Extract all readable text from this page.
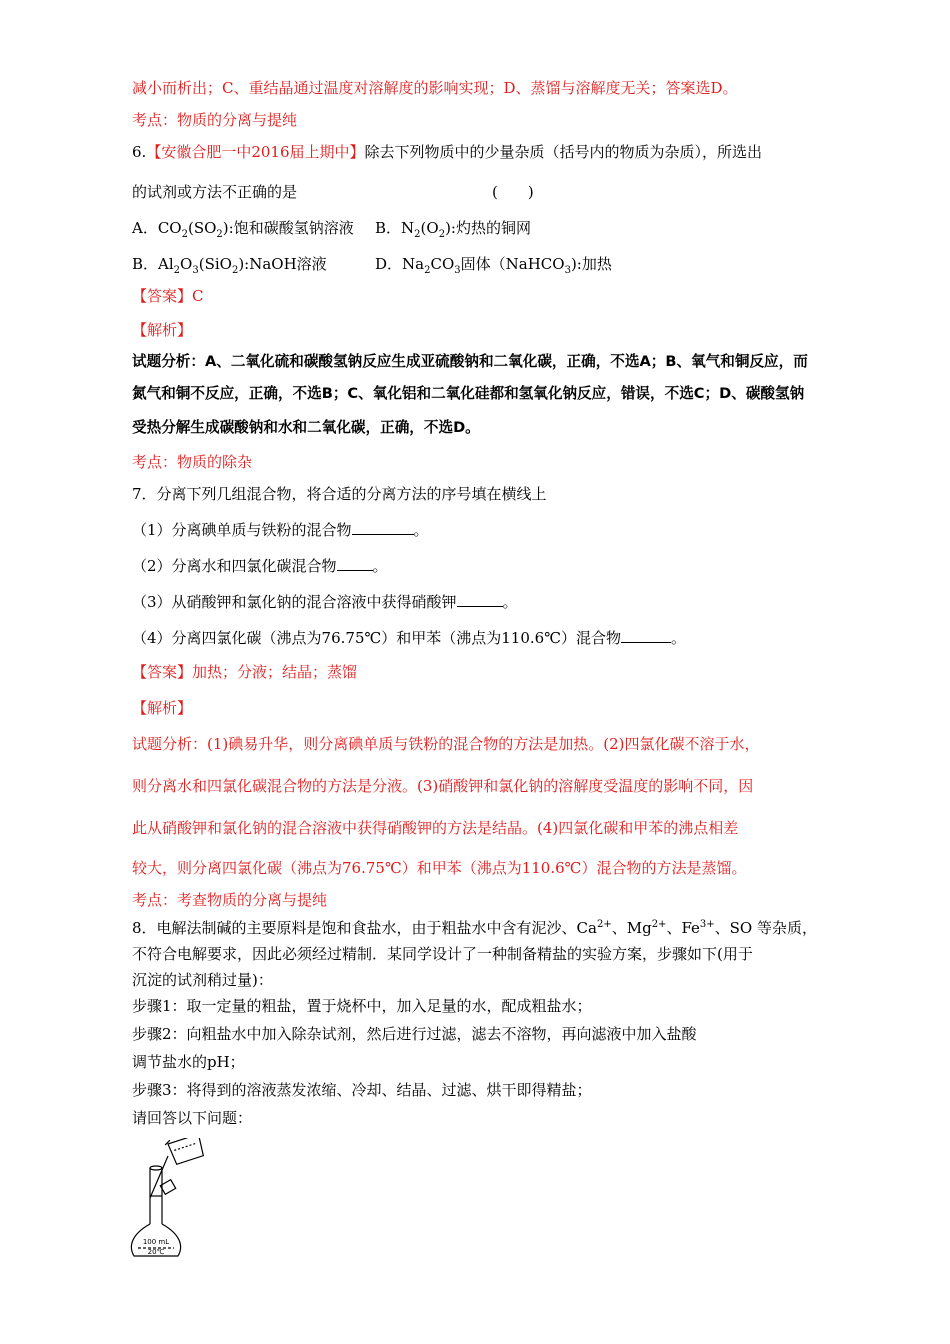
减小而析出；C、重结晶通过温度对溶解度的影响实现；D、蒸馏与溶解度无关；答案选D。
考点：物质的分离与提纯
6.【安徽合肥一中2016届上期中】除去下列物质中的少量杂质（括号内的物质为杂质），所选出
的试剂或方法不正确的是	(　　)
A．$CO_2(SO_2)$:饱和碳酸氢钠溶液 B．$N_2(O_2)$:灼热的铜网
B．$Al_2O_3(SiO_2):NaOH$溶液	D．$Na_2CO_3$固体（NaHCO$_3$):加热
【答案】C
【解析】
试题分析：A、二氧化硫和碳酸氢钠反应生成亚硫酸钠和二氧化碳，正确，不选A；B、氧气和铜反应，而
氮气和铜不反应，正确，不选B；C、氧化铝和二氧化硅都和氢氧化钠反应，错误，不选C；D、碳酸氢钠
受热分解生成碳酸钠和水和二氧化碳，正确，不选D。
考点：物质的除杂
7．分离下列几组混合物，将合适的分离方法的序号填在横线上
（1）分离碘单质与铁粉的混合物	。
（2）分离水和四氯化碳混合物 。
（3）从硝酸钾和氯化钠的混合溶液中获得硝酸钾	。
（4）分离四氯化碳（沸点为76.75℃）和甲苯（沸点为110.6℃）混合物	。
【答案】加热；分液；结晶；蒸馏
【解析】
试题分析：(1)碘易升华，则分离碘单质与铁粉的混合物的方法是加热。(2)四氯化碳不溶于水，
则分离水和四氯化碳混合物的方法是分液。(3)硝酸钾和氯化钠的溶解度受温度的影响不同，因
此从硝酸钾和氯化钠的混合溶液中获得硝酸钾的方法是结晶。(4)四氯化碳和甲苯的沸点相差
较大，则分离四氯化碳（沸点为76.75℃）和甲苯（沸点为110.6℃）混合物的方法是蒸馏。
考点：考查物质的分离与提纯
8．电解法制碱的主要原料是饱和食盐水，由于粗盐水中含有泥沙、$Ca^{2+}$、$Mg^{2+}$、$Fe^{3+}$、SO 等杂质，
不符合电解要求，因此必须经过精制．某同学设计了一种制备精盐的实验方案，步骤如下(用于
沉淀的试剂稍过量)：
步骤1：取一定量的粗盐，置于烧杯中，加入足量的水，配成粗盐水；
步骤2：向粗盐水中加入除杂试剂，然后进行过滤，滤去不溶物，再向滤液中加入盐酸
调节盐水的pH；
步骤3：将得到的溶液蒸发浓缩、冷却、结晶、过滤、烘干即得精盐；
请回答以下问题：
100 mL
20℃
